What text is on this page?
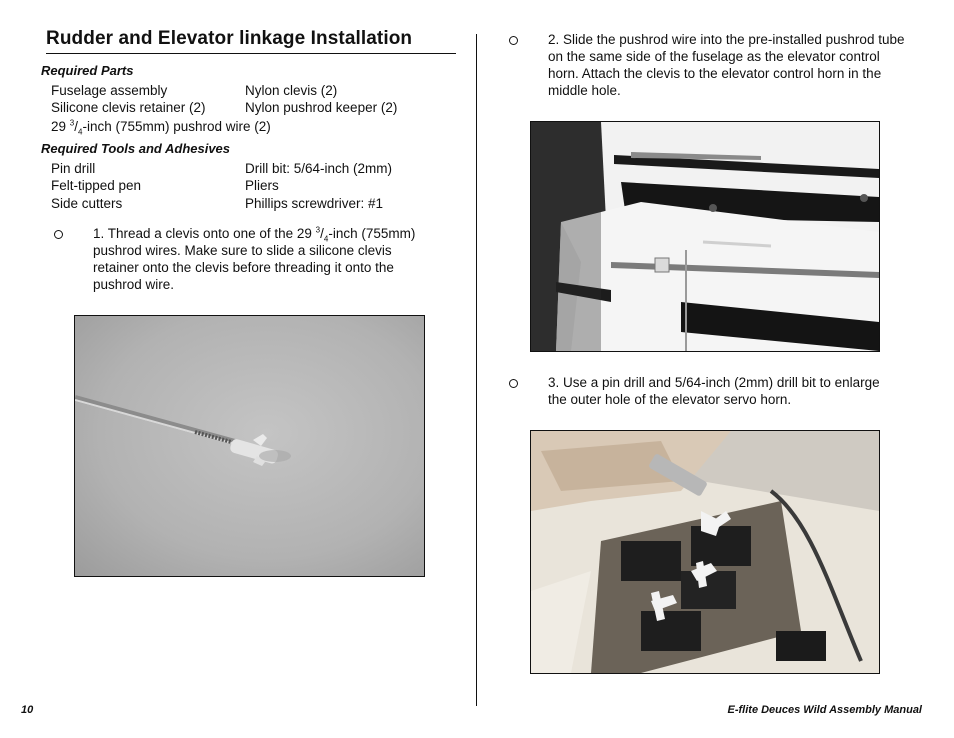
Rudder and Elevator linkage Installation
Required Parts
Fuselage assembly	Nylon clevis (2)
Silicone clevis retainer (2)	Nylon pushrod keeper (2)
29 $^3/_4$-inch (755mm) pushrod wire (2)
Required Tools and Adhesives
Pin drill	Drill bit: 5/64-inch (2mm)
Felt-tipped pen	Pliers
Side cutters	Phillips screwdriver: #1
1. Thread a clevis onto one of the 29 $^3/_4$-inch (755mm) pushrod wires. Make sure to slide a silicone clevis retainer onto the clevis before threading it onto the pushrod wire.
2. Slide the pushrod wire into the pre-installed pushrod tube on the same side of the fuselage as the elevator control horn. Attach the clevis to the elevator control horn in the middle hole.
3. Use a pin drill and 5/64-inch (2mm) drill bit to enlarge the outer hole of the elevator servo horn.
10	E-flite Deuces Wild Assembly Manual
